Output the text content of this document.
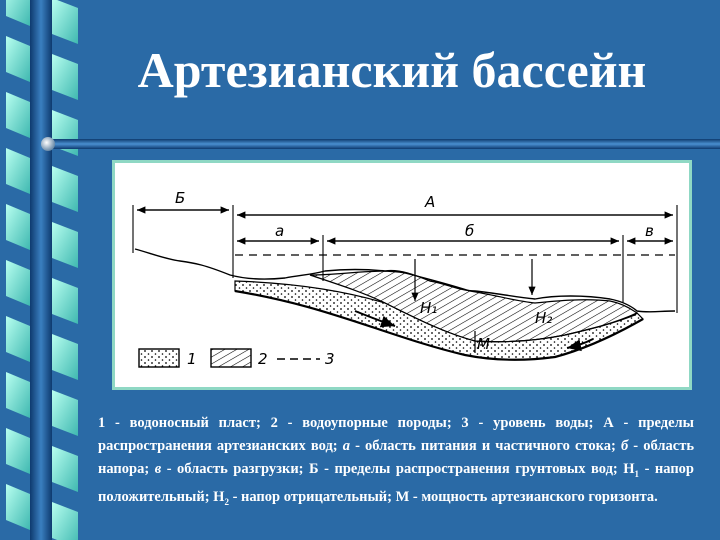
Артезианский бассейн
Б	А
а	б	в
H₁
H₂
M
1	2	3

1 - водоносный пласт; 2 - водоупорные породы; 3 - уровень воды; А - пределы распространения артезианских вод; а - область питания и частичного стока; б - область напора; в - область разгрузки; Б - пределы распространения грунтовых вод; $Н_1$ - напор положительный; $Н_2$ - напор отрицательный; М - мощность артезианского горизонта.
